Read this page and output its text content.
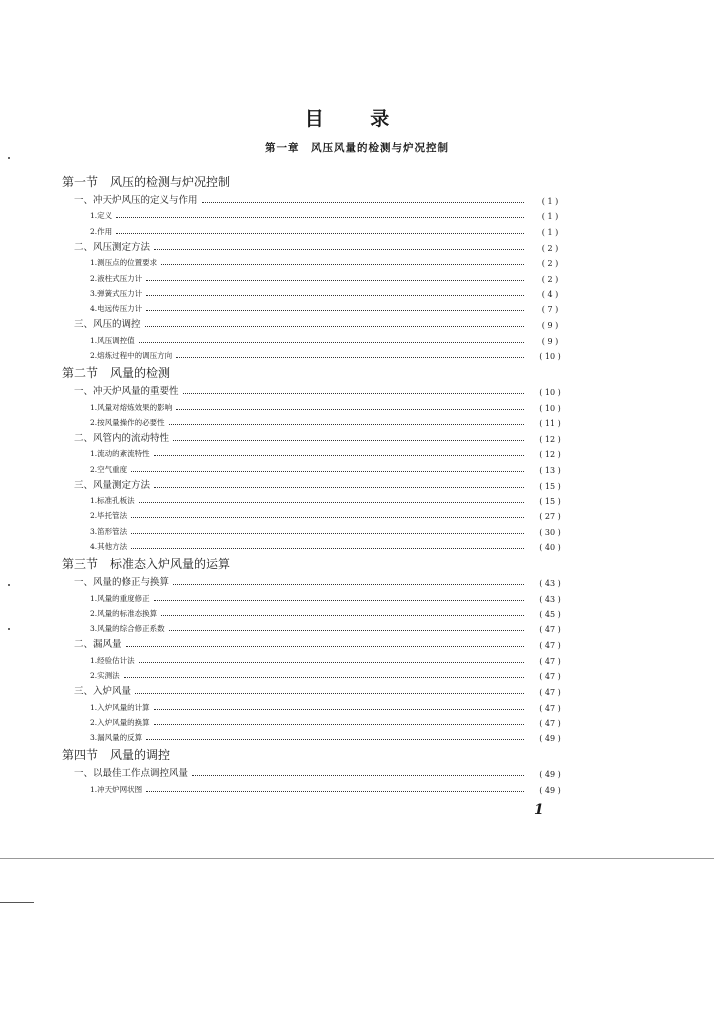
目 录
第一章　风压风量的检测与炉况控制
第一节　风压的检测与炉况控制
一、冲天炉风压的定义与作用	( 1 )
1.定义	( 1 )
2.作用	( 1 )
二、风压测定方法	( 2 )
1.测压点的位置要求	( 2 )
2.液柱式压力计	( 2 )
3.弹簧式压力计	( 4 )
4.电远传压力计	( 7 )
三、风压的调控	( 9 )
1.风压调控值	( 9 )
2.熔炼过程中的调压方向	( 10 )
第二节　风量的检测
一、冲天炉风量的重要性	( 10 )
1.风量对熔炼效果的影响	( 10 )
2.按风量操作的必要性	( 11 )
二、风管内的流动特性	( 12 )
1.流动的紊流特性	( 12 )
2.空气重度	( 13 )
三、风量测定方法	( 15 )
1.标准孔板法	( 15 )
2.毕托管法	( 27 )
3.笛形管法	( 30 )
4.其他方法	( 40 )
第三节　标准态入炉风量的运算
一、风量的修正与换算	( 43 )
1.风量的重度修正	( 43 )
2.风量的标准态换算	( 45 )
3.风量的综合修正系数	( 47 )
二、漏风量	( 47 )
1.经验估计法	( 47 )
2.实测法	( 47 )
三、入炉风量	( 47 )
1.入炉风量的计算	( 47 )
2.入炉风量的换算	( 47 )
3.漏风量的反算	( 49 )
第四节　风量的调控
一、以最佳工作点调控风量	( 49 )
1.冲天炉网状图	( 49 )
1
